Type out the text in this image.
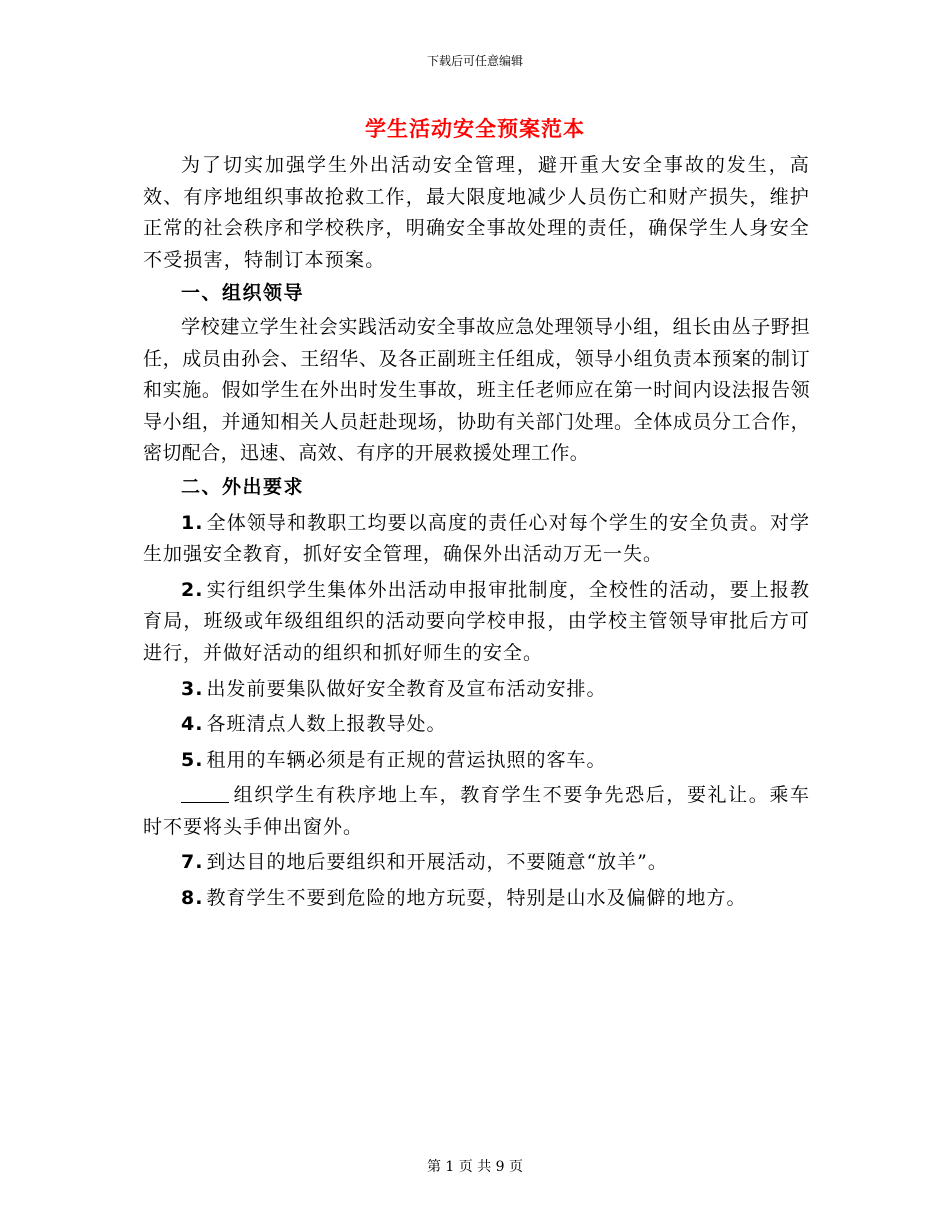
下载后可任意编辑
学生活动安全预案范本

为了切实加强学生外出活动安全管理，避开重大安全事故的发生，高效、有序地组织事故抢救工作，最大限度地减少人员伤亡和财产损失，维护正常的社会秩序和学校秩序，明确安全事故处理的责任，确保学生人身安全不受损害，特制订本预案。

一、组织领导

学校建立学生社会实践活动安全事故应急处理领导小组，组长由丛子野担任，成员由孙会、王绍华、及各正副班主任组成，领导小组负责本预案的制订和实施。假如学生在外出时发生事故，班主任老师应在第一时间内设法报告领导小组，并通知相关人员赶赴现场，协助有关部门处理。全体成员分工合作，密切配合，迅速、高效、有序的开展救援处理工作。

二、外出要求

1. 全体领导和教职工均要以高度的责任心对每个学生的安全负责。对学生加强安全教育，抓好安全管理，确保外出活动万无一失。

2. 实行组织学生集体外出活动申报审批制度，全校性的活动，要上报教育局，班级或年级组组织的活动要向学校申报，由学校主管领导审批后方可进行，并做好活动的组织和抓好师生的安全。

3. 出发前要集队做好安全教育及宣布活动安排。

4. 各班清点人数上报教导处。

5. 租用的车辆必须是有正规的营运执照的客车。

组织学生有秩序地上车，教育学生不要争先恐后，要礼让。乘车时不要将头手伸出窗外。

7. 到达目的地后要组织和开展活动，不要随意“放羊”。

8. 教育学生不要到危险的地方玩耍，特别是山水及偏僻的地方。

第 1 页 共 9 页
